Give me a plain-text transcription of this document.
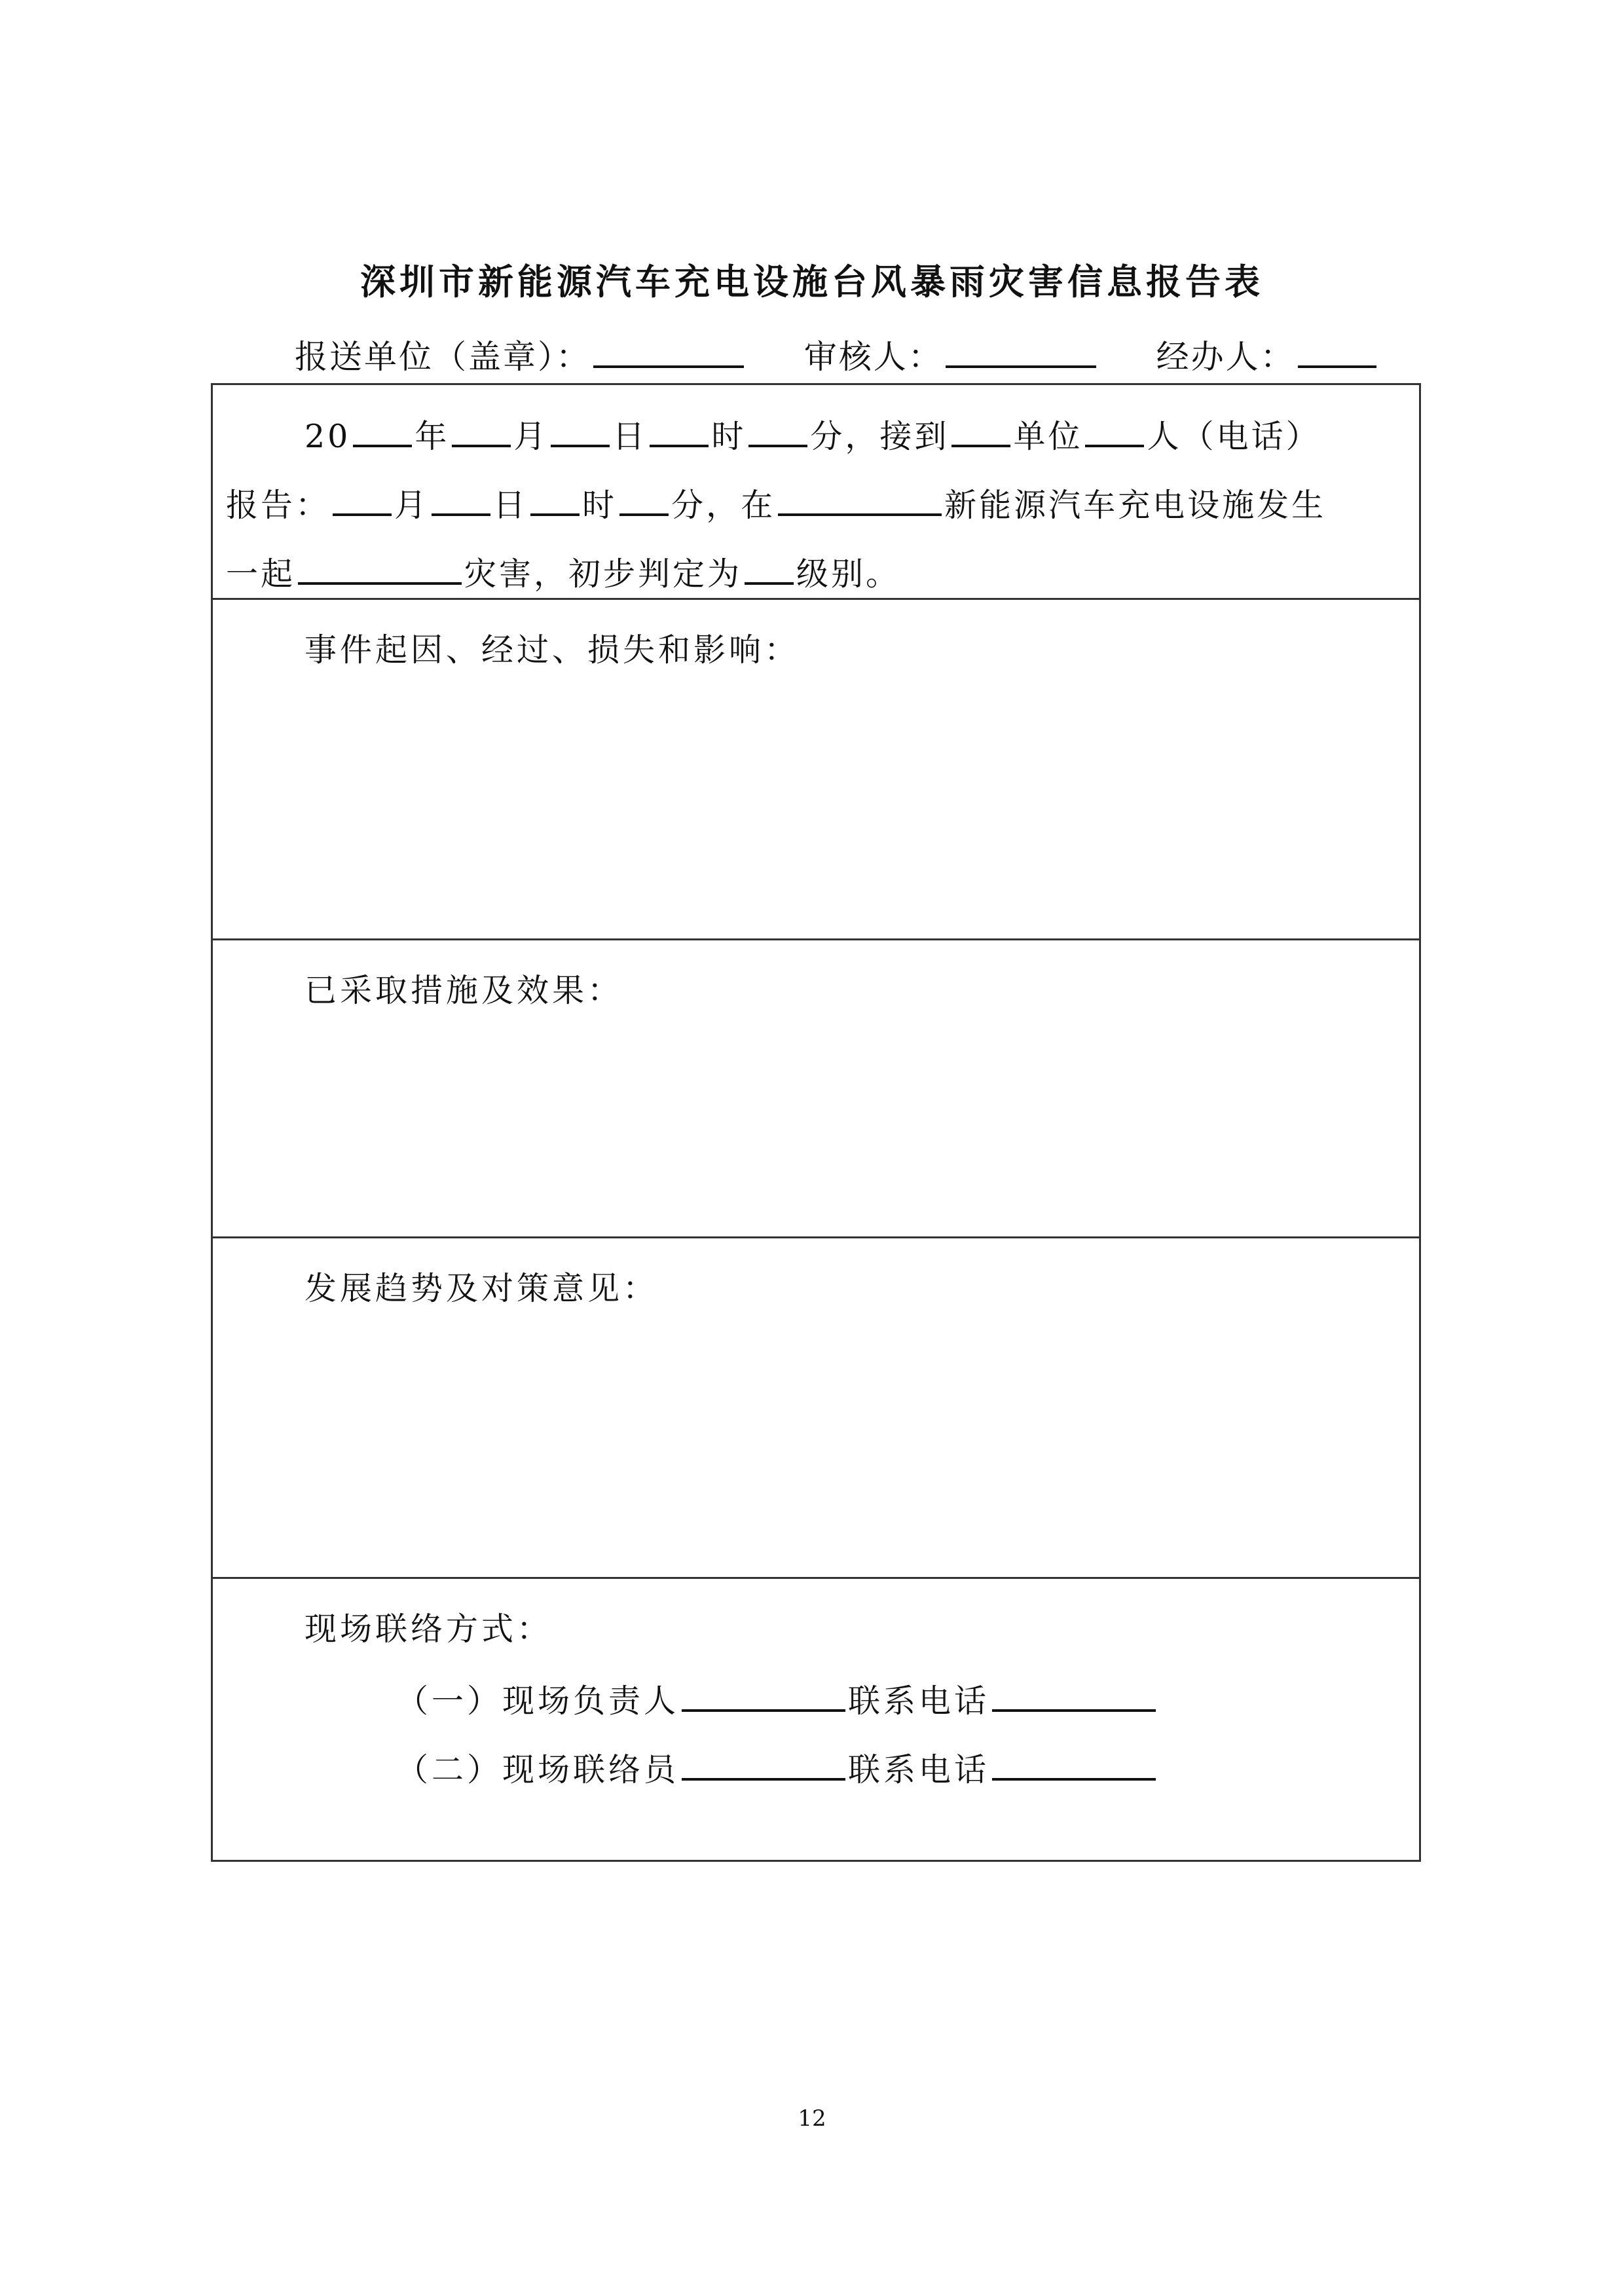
深圳市新能源汽车充电设施台风暴雨灾害信息报告表
报送单位（盖章）：	审核人：	经办人：
20 年 月 日 时 分，接到 单位 人（电话）
报告： 月 日 时 分，在	新能源汽车充电设施发生
一起	灾害，初步判定为 级别。
事件起因、经过、损失和影响：
已采取措施及效果：
发展趋势及对策意见：
现场联络方式：
（一）现场负责人	联系电话
（二）现场联络员	联系电话
12
